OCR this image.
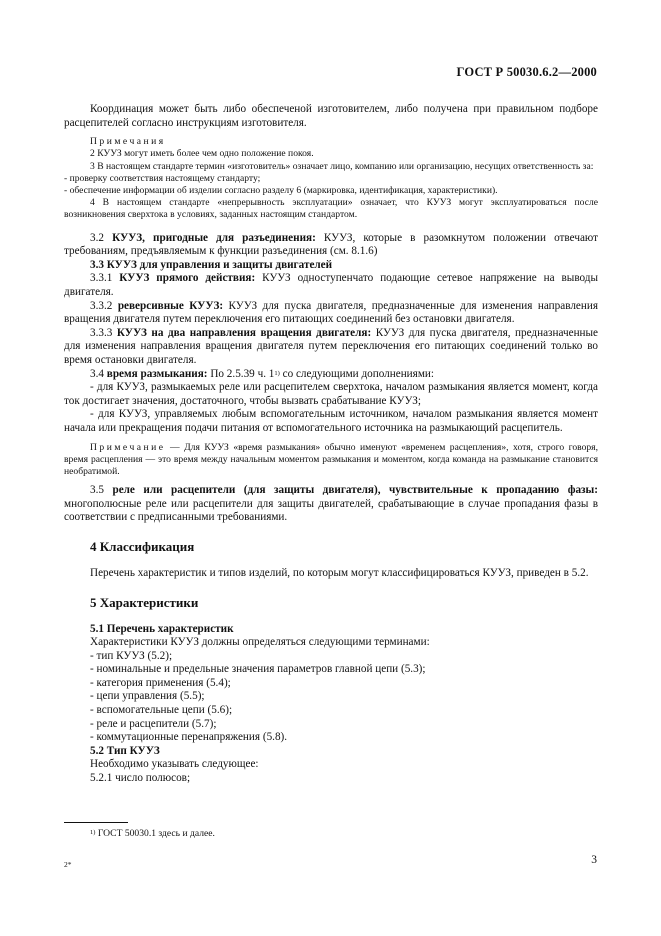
ГОСТ Р 50030.6.2—2000

Координация может быть либо обеспеченой изготовителем, либо получена при правильном подборе расцепителей согласно инструкциям изготовителя.

Примечания

2 КУУЗ могут иметь более чем одно положение покоя.

3 В настоящем стандарте термин «изготовитель» означает лицо, компанию или организацию, несущих ответственность за:

- проверку соответствия настоящему стандарту;

- обеспечение информации об изделии согласно разделу 6 (маркировка, идентификация, характеристики).

4 В настоящем стандарте «непрерывность эксплуатации» означает, что КУУЗ могут эксплуатироваться после возникновения сверхтока в условиях, заданных настоящим стандартом.

3.2 КУУЗ, пригодные для разъединения: КУУЗ, которые в разомкнутом положении отвечают требованиям, предъявляемым к функции разъединения (см. 8.1.6)

3.3 КУУЗ для управления и защиты двигателей

3.3.1 КУУЗ прямого действия: КУУЗ одноступенчато подающие сетевое напряжение на выводы двигателя.

3.3.2 реверсивные КУУЗ: КУУЗ для пуска двигателя, предназначенные для изменения направления вращения двигателя путем переключения его питающих соединений без остановки двигателя.

3.3.3 КУУЗ на два направления вращения двигателя: КУУЗ для пуска двигателя, предназначенные для изменения направления вращения двигателя путем переключения его питающих соединений только во время остановки двигателя.

3.4 время размыкания: По 2.5.39 ч. 1$^{1)}$ со следующими дополнениями:

- для КУУЗ, размыкаемых реле или расцепителем сверхтока, началом размыкания является момент, когда ток достигает значения, достаточного, чтобы вызвать срабатывание КУУЗ;

- для КУУЗ, управляемых любым вспомогательным источником, началом размыкания является момент начала или прекращения подачи питания от вспомогательного источника на размыкающий расцепитель.

Примечание — Для КУУЗ «время размыкания» обычно именуют «временем расцепления», хотя, строго говоря, время расцепления — это время между начальным моментом размыкания и моментом, когда команда на размыкание становится необратимой.

3.5 реле или расцепители (для защиты двигателя), чувствительные к пропаданию фазы: многополюсные реле или расцепители для защиты двигателей, срабатывающие в случае пропадания фазы в соответствии с предписанными требованиями.

4 Классификация

Перечень характеристик и типов изделий, по которым могут классифицироваться КУУЗ, приведен в 5.2.

5 Характеристики

5.1 Перечень характеристик

Характеристики КУУЗ должны определяться следующими терминами:

- тип КУУЗ (5.2);

- номинальные и предельные значения параметров главной цепи (5.3);

- категория применения (5.4);

- цепи управления (5.5);

- вспомогательные цепи (5.6);

- реле и расцепители (5.7);

- коммутационные перенапряжения (5.8).

5.2 Тип КУУЗ

Необходимо указывать следующее:

5.2.1 число полюсов;

$^{1)}$ ГОСТ 50030.1 здесь и далее.
2*	3
